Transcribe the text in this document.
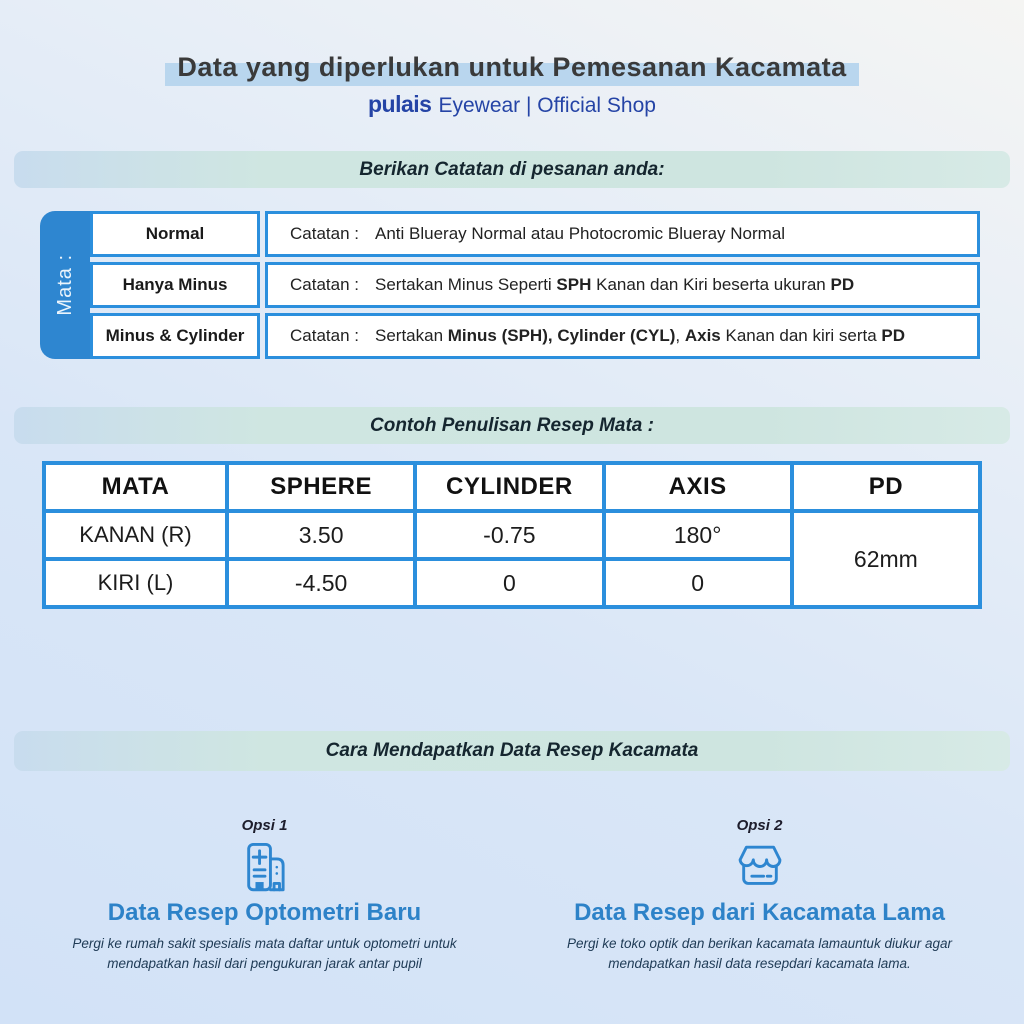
Data yang diperlukan untuk Pemesanan Kacamata
pulais Eyewear | Official Shop
Berikan Catatan di pesanan anda:
Mata :
Normal	Catatan : Anti Blueray Normal atau Photocromic Blueray Normal
Hanya Minus	Catatan : Sertakan Minus Seperti SPH Kanan dan Kiri beserta ukuran PD
Minus & Cylinder	Catatan : Sertakan Minus (SPH), Cylinder (CYL), Axis Kanan dan kiri serta PD
Contoh Penulisan Resep Mata :
MATA	SPHERE	CYLINDER	AXIS	PD
KANAN (R)	3.50	-0.75	180°	62mm
KIRI (L)	-4.50	0	0	
Cara Mendapatkan Data Resep Kacamata
Opsi 1
Data Resep Optometri Baru

Pergi ke rumah sakit spesialis mata daftar untuk optometri untuk mendapatkan hasil dari pengukuran jarak antar pupil

Opsi 2
Data Resep dari Kacamata Lama

Pergi ke toko optik dan berikan kacamata lamauntuk diukur agar mendapatkan hasil data resepdari kacamata lama.
